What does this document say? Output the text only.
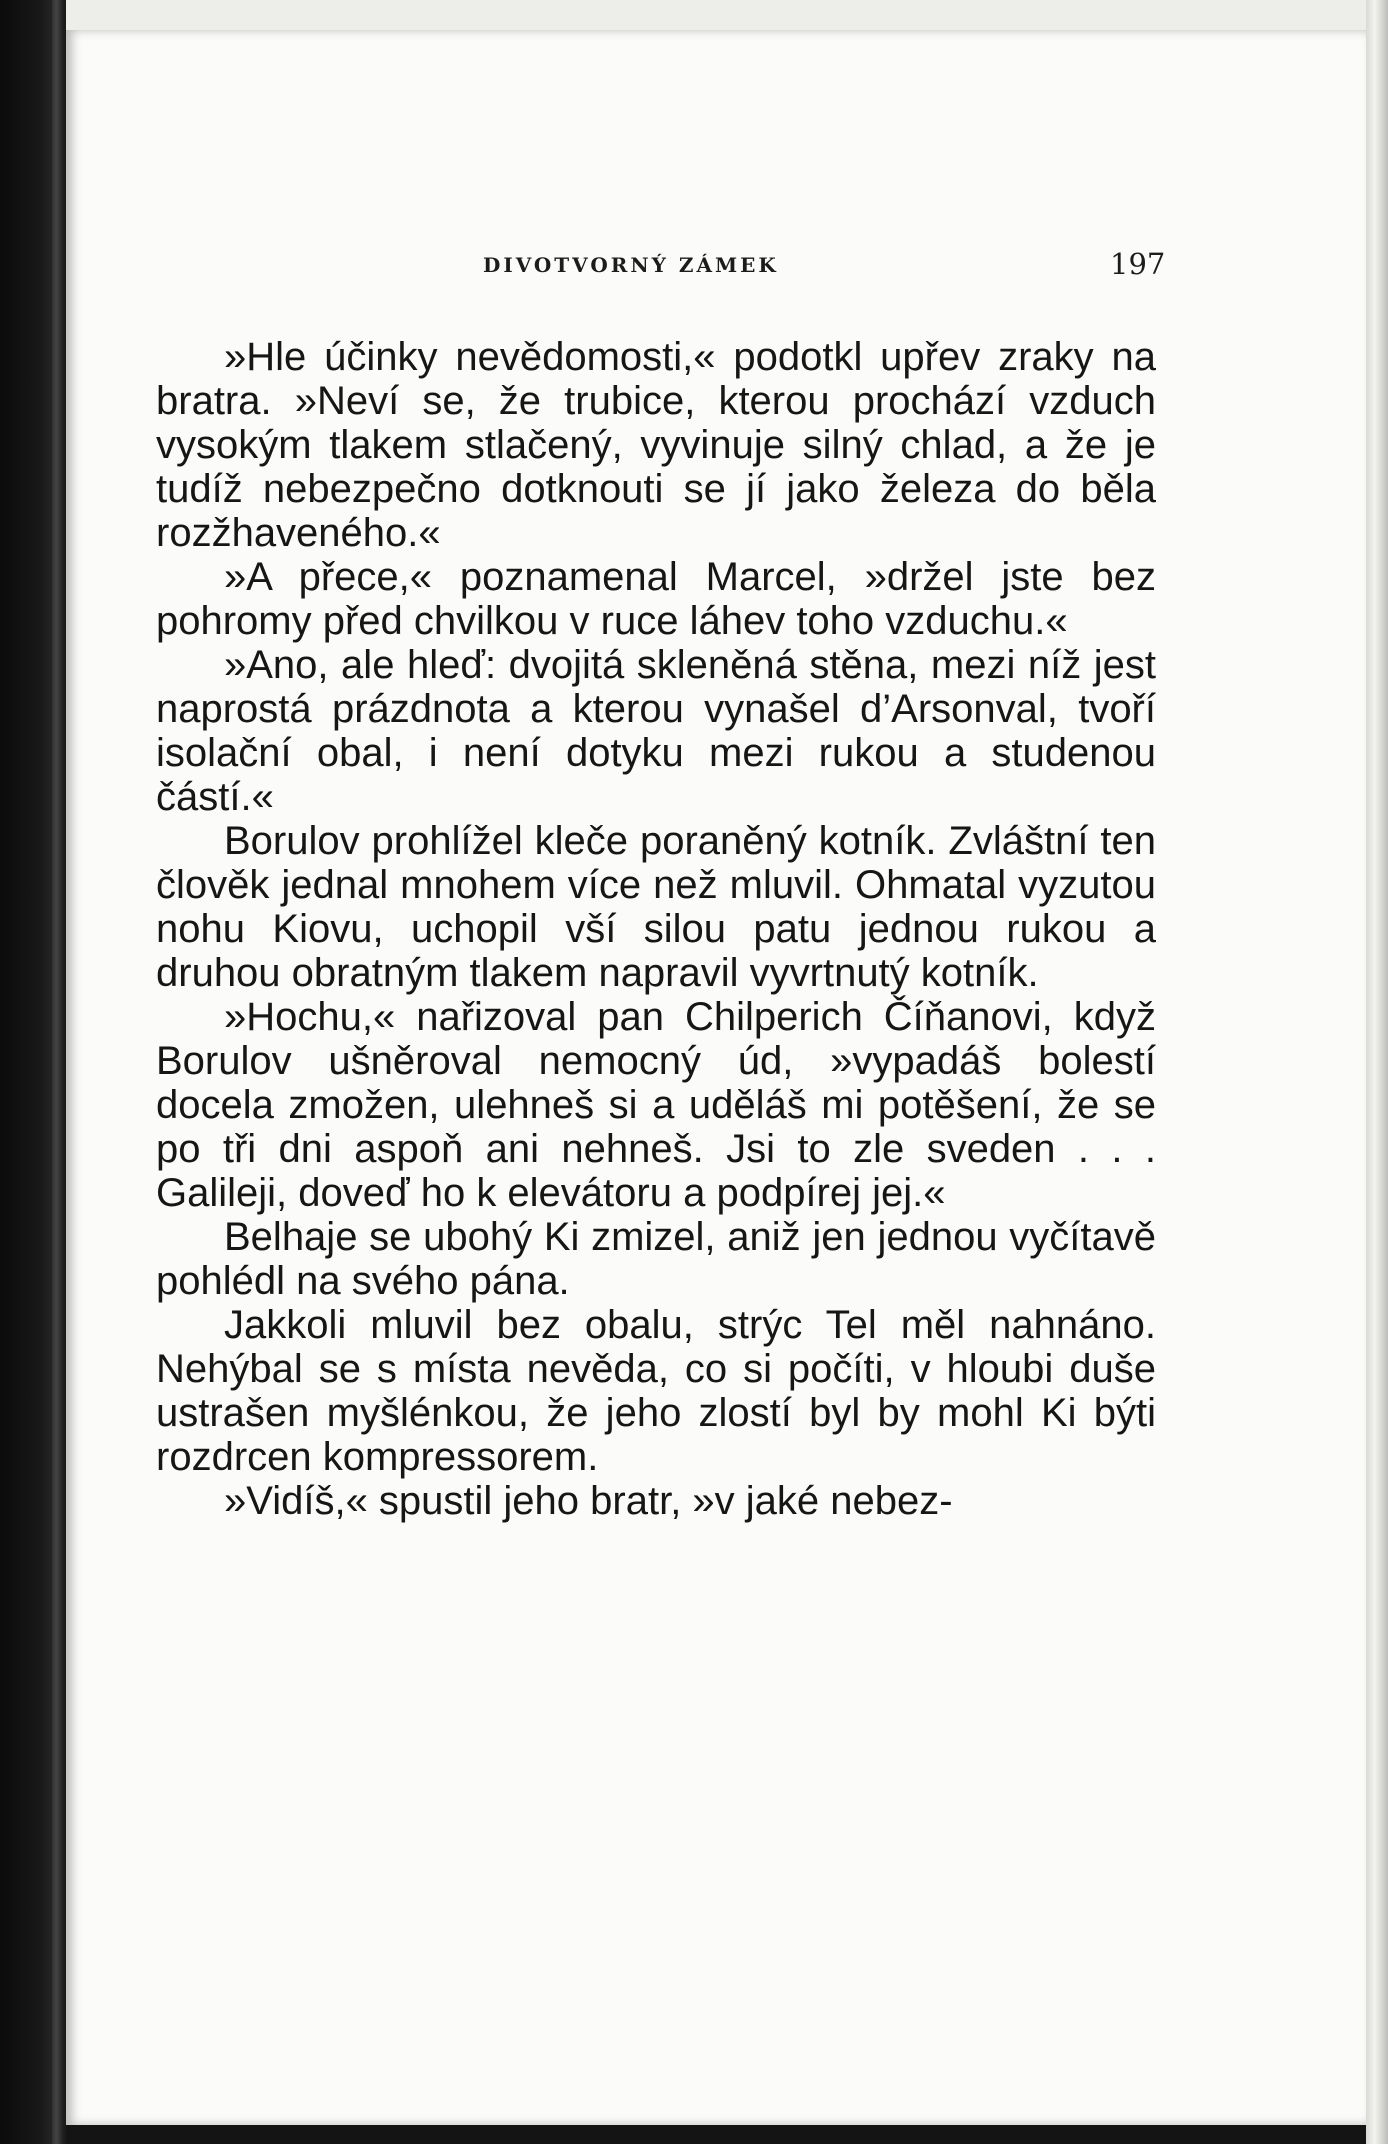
DIVOTVORNÝ ZÁMEK	197

»Hle účinky nevědomosti,« podotkl upřev zraky na bratra. »Neví se, že trubice, kterou prochází vzduch vysokým tlakem stlačený, vyvinuje silný chlad, a že je tudíž nebezpečno dotknouti se jí jako železa do běla rozžhaveného.«

»A přece,« poznamenal Marcel, »držel jste bez pohromy před chvilkou v ruce láhev toho vzduchu.«

»Ano, ale hleď: dvojitá skleněná stěna, mezi níž jest naprostá prázdnota a kterou vynašel d’Arsonval, tvoří isolační obal, i není dotyku mezi rukou a studenou částí.«

Borulov prohlížel kleče poraněný kotník. Zvláštní ten člověk jednal mnohem více než mluvil. Ohmatal vyzutou nohu Kiovu, uchopil vší silou patu jednou rukou a druhou obratným tlakem napravil vyvrtnutý kotník.

»Hochu,« nařizoval pan Chilperich Číňanovi, když Borulov ušněroval nemocný úd, »vypadáš bolestí docela zmožen, ulehneš si a uděláš mi potěšení, že se po tři dni aspoň ani nehneš. Jsi to zle sveden . . . Galileji, doveď ho k elevátoru a podpírej jej.«

Belhaje se ubohý Ki zmizel, aniž jen jednou vyčítavě pohlédl na svého pána.

Jakkoli mluvil bez obalu, strýc Tel měl nahnáno. Nehýbal se s místa nevěda, co si počíti, v hloubi duše ustrašen myšlénkou, že jeho zlostí byl by mohl Ki býti rozdrcen kompressorem.

»Vidíš,« spustil jeho bratr, »v jaké nebez-
